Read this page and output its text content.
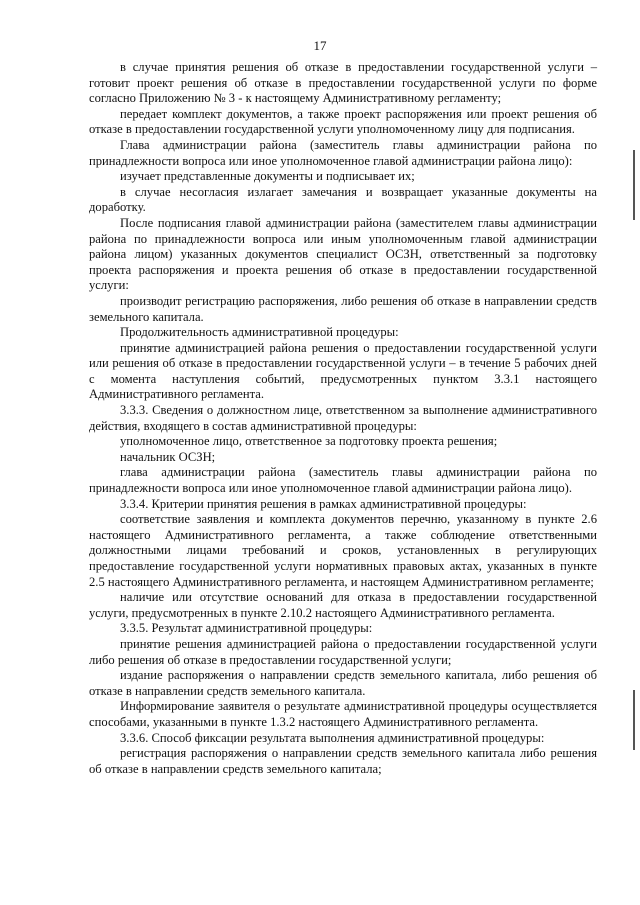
17

в случае принятия решения об отказе в предоставлении государственной услуги – готовит проект решения об отказе в предоставлении государственной услуги по форме согласно Приложению № 3 - к настоящему Административному регламенту;

передает комплект документов, а также проект распоряжения или проект решения об отказе в предоставлении государственной услуги уполномоченному лицу для подписания.

Глава администрации района (заместитель главы администрации района по принадлежности вопроса или иное уполномоченное главой администрации района лицо):

изучает представленные документы и подписывает их;

в случае несогласия излагает замечания и возвращает указанные документы на доработку.

После подписания главой администрации района (заместителем главы администрации района по принадлежности вопроса или иным уполномоченным главой администрации района лицом) указанных документов специалист ОСЗН, ответственный за подготовку проекта распоряжения и проекта решения об отказе в предоставлении государственной услуги:

производит регистрацию распоряжения, либо решения об отказе в направлении средств земельного капитала.

Продолжительность административной процедуры:

принятие администрацией района решения о предоставлении государственной услуги или решения об отказе в предоставлении государственной услуги – в течение 5 рабочих дней с момента наступления событий, предусмотренных пунктом 3.3.1 настоящего Административного регламента.

3.3.3. Сведения о должностном лице, ответственном за выполнение административного действия, входящего в состав административной процедуры:

уполномоченное лицо, ответственное за подготовку проекта решения;

начальник ОСЗН;

глава администрации района (заместитель главы администрации района по принадлежности вопроса или иное уполномоченное главой администрации района лицо).

3.3.4. Критерии принятия решения в рамках административной процедуры:

соответствие заявления и комплекта документов перечню, указанному в пункте 2.6 настоящего Административного регламента, а также соблюдение ответственными должностными лицами требований и сроков, установленных в регулирующих предоставление государственной услуги нормативных правовых актах, указанных в пункте 2.5 настоящего Административного регламента, и настоящем Административном регламенте;

наличие или отсутствие оснований для отказа в предоставлении государственной услуги, предусмотренных в пункте 2.10.2 настоящего Административного регламента.

3.3.5. Результат административной процедуры:

принятие решения администрацией района о предоставлении государственной услуги либо решения об отказе в предоставлении государственной услуги;

издание распоряжения о направлении средств земельного капитала, либо решения об отказе в направлении средств земельного капитала.

Информирование заявителя о результате административной процедуры осуществляется способами, указанными в пункте 1.3.2 настоящего Административного регламента.

3.3.6. Способ фиксации результата выполнения административной процедуры:

регистрация распоряжения о направлении средств земельного капитала либо решения об отказе в направлении средств земельного капитала;
